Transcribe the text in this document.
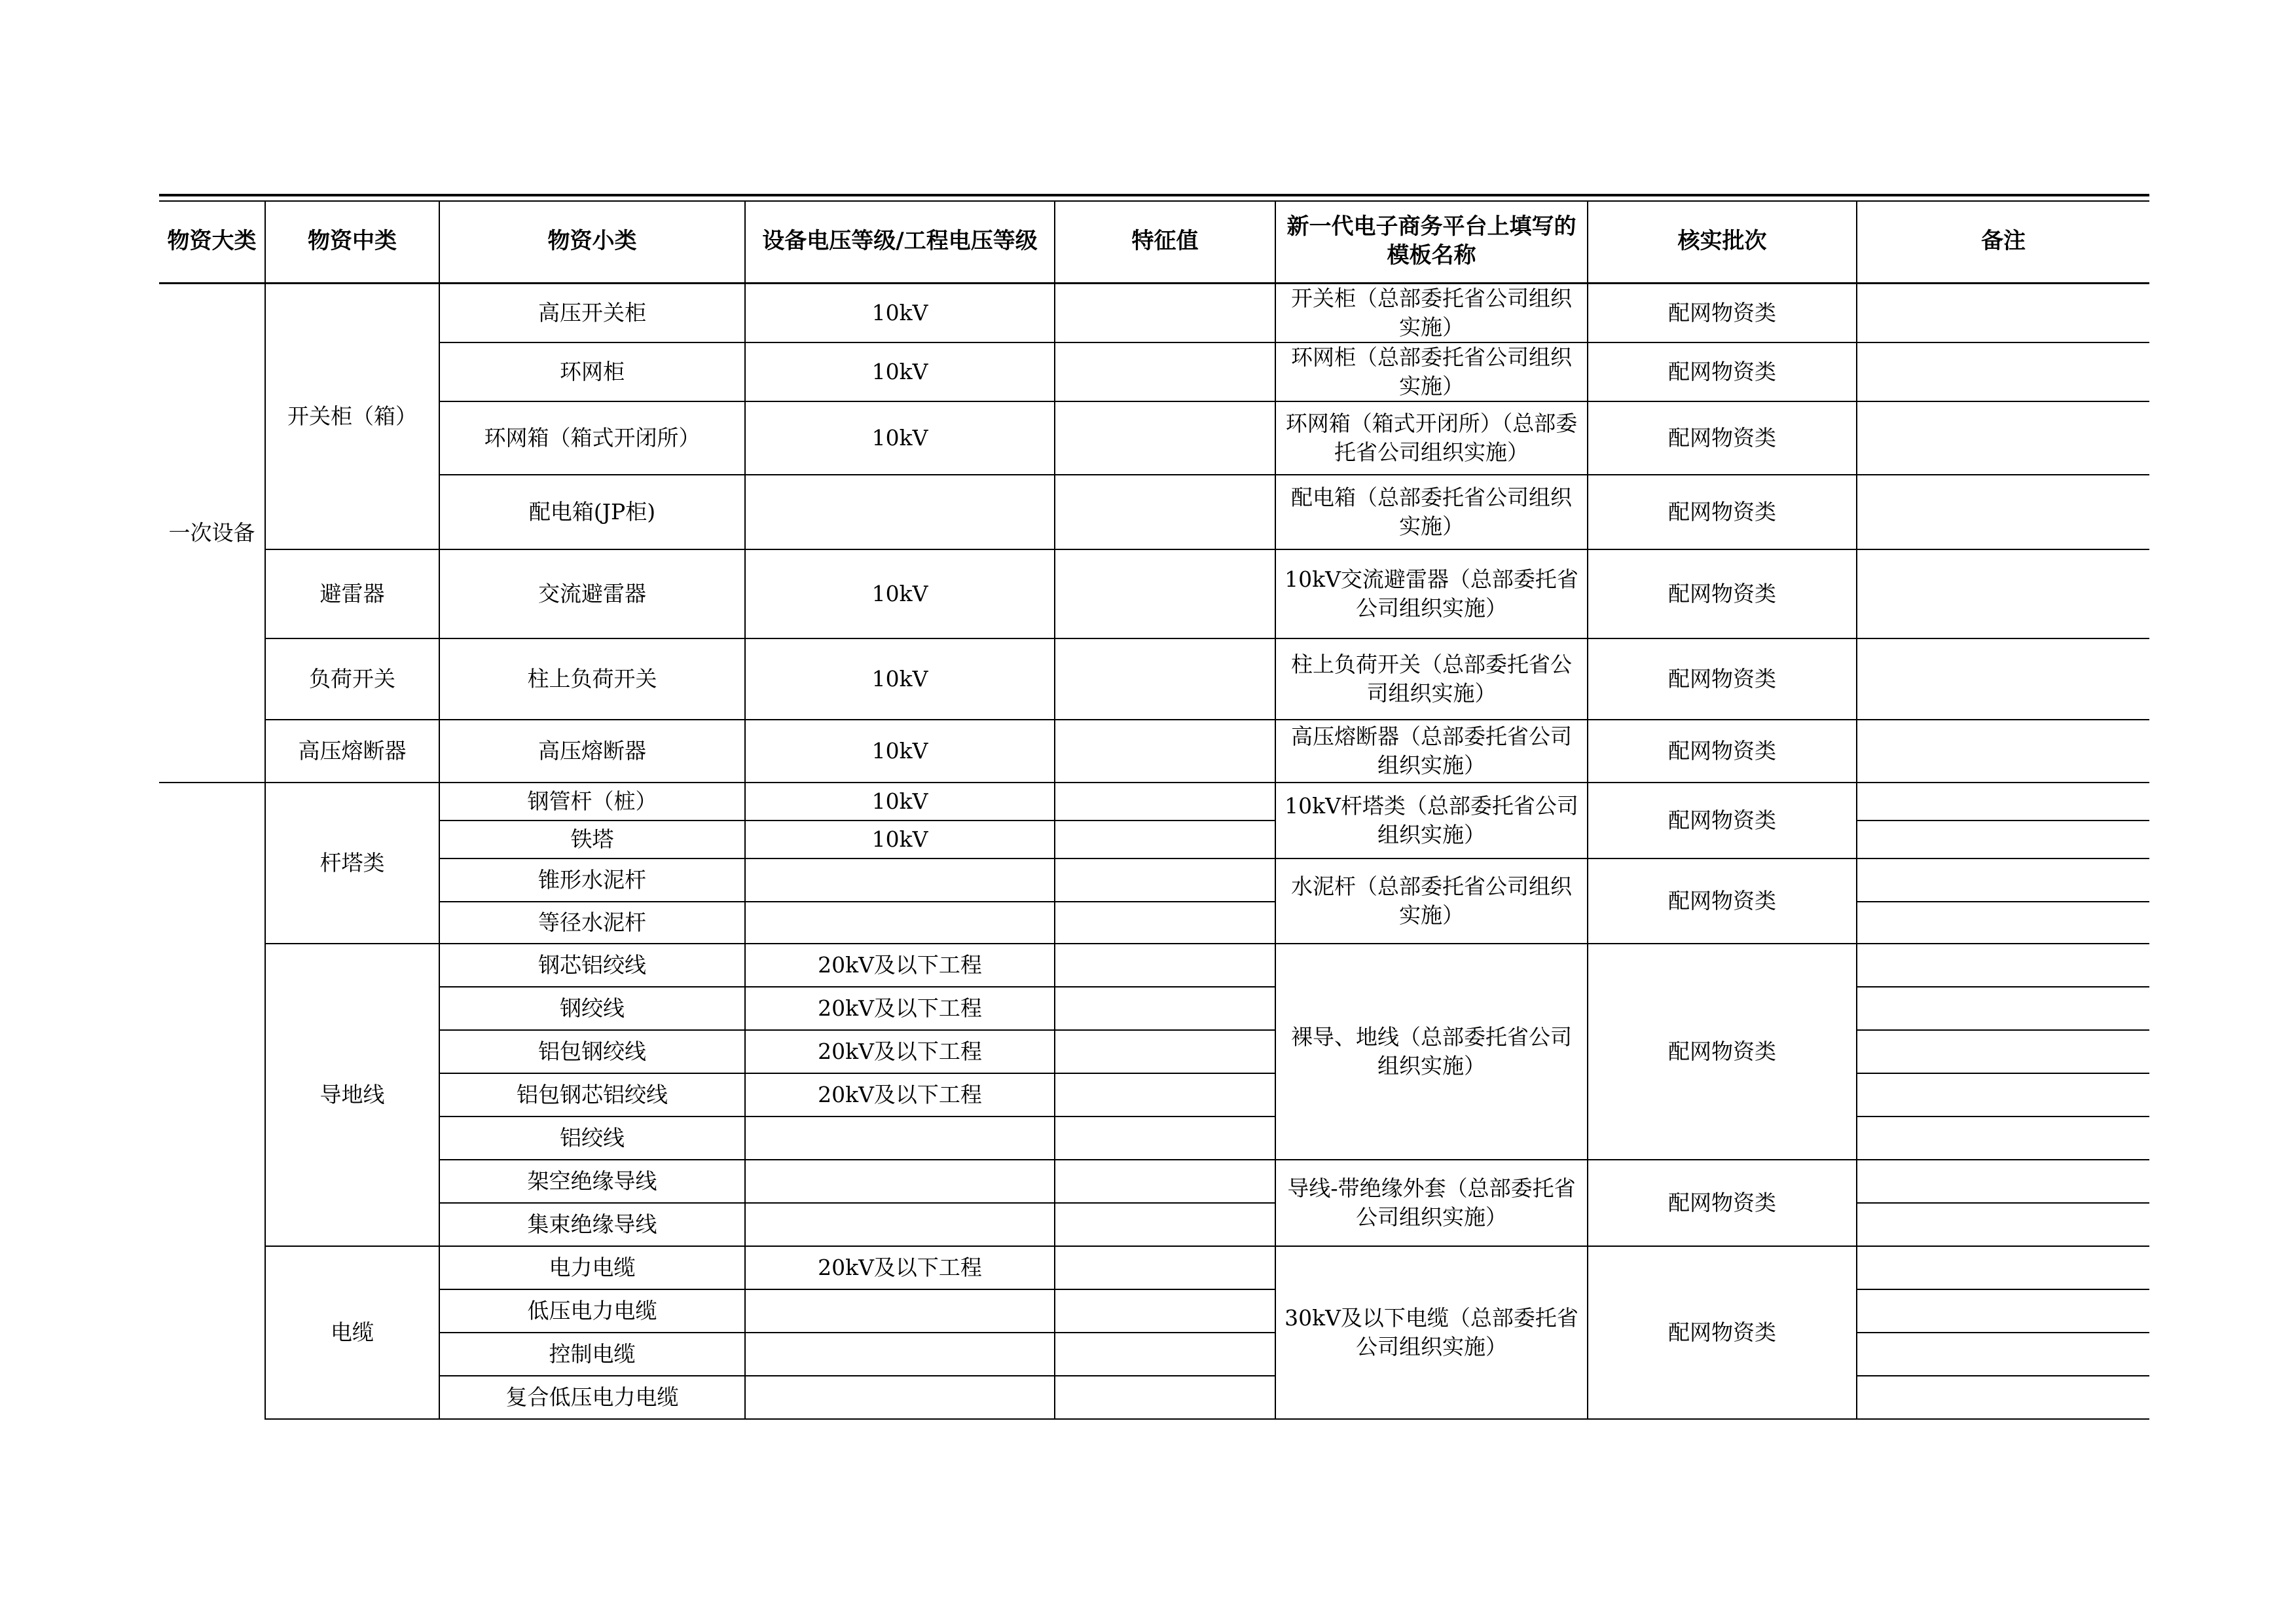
物资大类	物资中类	物资小类	设备电压等级/工程电压等级	特征值	新一代电子商务平台上填写的模板名称	核实批次	备注
一次设备	开关柜（箱）	高压开关柜	10kV		开关柜（总部委托省公司组织实施）	配网物资类	
		环网柜	10kV		环网柜（总部委托省公司组织实施）	配网物资类	
		环网箱（箱式开闭所）	10kV		环网箱（箱式开闭所）（总部委托省公司组织实施）	配网物资类	
		配电箱(JP柜)			配电箱（总部委托省公司组织实施）	配网物资类	
	避雷器	交流避雷器	10kV		10kV交流避雷器（总部委托省公司组织实施）	配网物资类	
	负荷开关	柱上负荷开关	10kV		柱上负荷开关（总部委托省公司组织实施）	配网物资类	
	高压熔断器	高压熔断器	10kV		高压熔断器（总部委托省公司组织实施）	配网物资类	
	杆塔类	钢管杆（桩）	10kV		10kV杆塔类（总部委托省公司组织实施）	配网物资类	
		铁塔	10kV				
		锥形水泥杆			水泥杆（总部委托省公司组织实施）	配网物资类	
		等径水泥杆					
	导地线	钢芯铝绞线	20kV及以下工程		裸导、地线（总部委托省公司组织实施）	配网物资类	
		钢绞线	20kV及以下工程				
		铝包钢绞线	20kV及以下工程				
		铝包钢芯铝绞线	20kV及以下工程				
		铝绞线					
		架空绝缘导线			导线-带绝缘外套（总部委托省公司组织实施）	配网物资类	
		集束绝缘导线					
	电缆	电力电缆	20kV及以下工程		30kV及以下电缆（总部委托省公司组织实施）	配网物资类	
		低压电力电缆					
		控制电缆					
		复合低压电力电缆					
